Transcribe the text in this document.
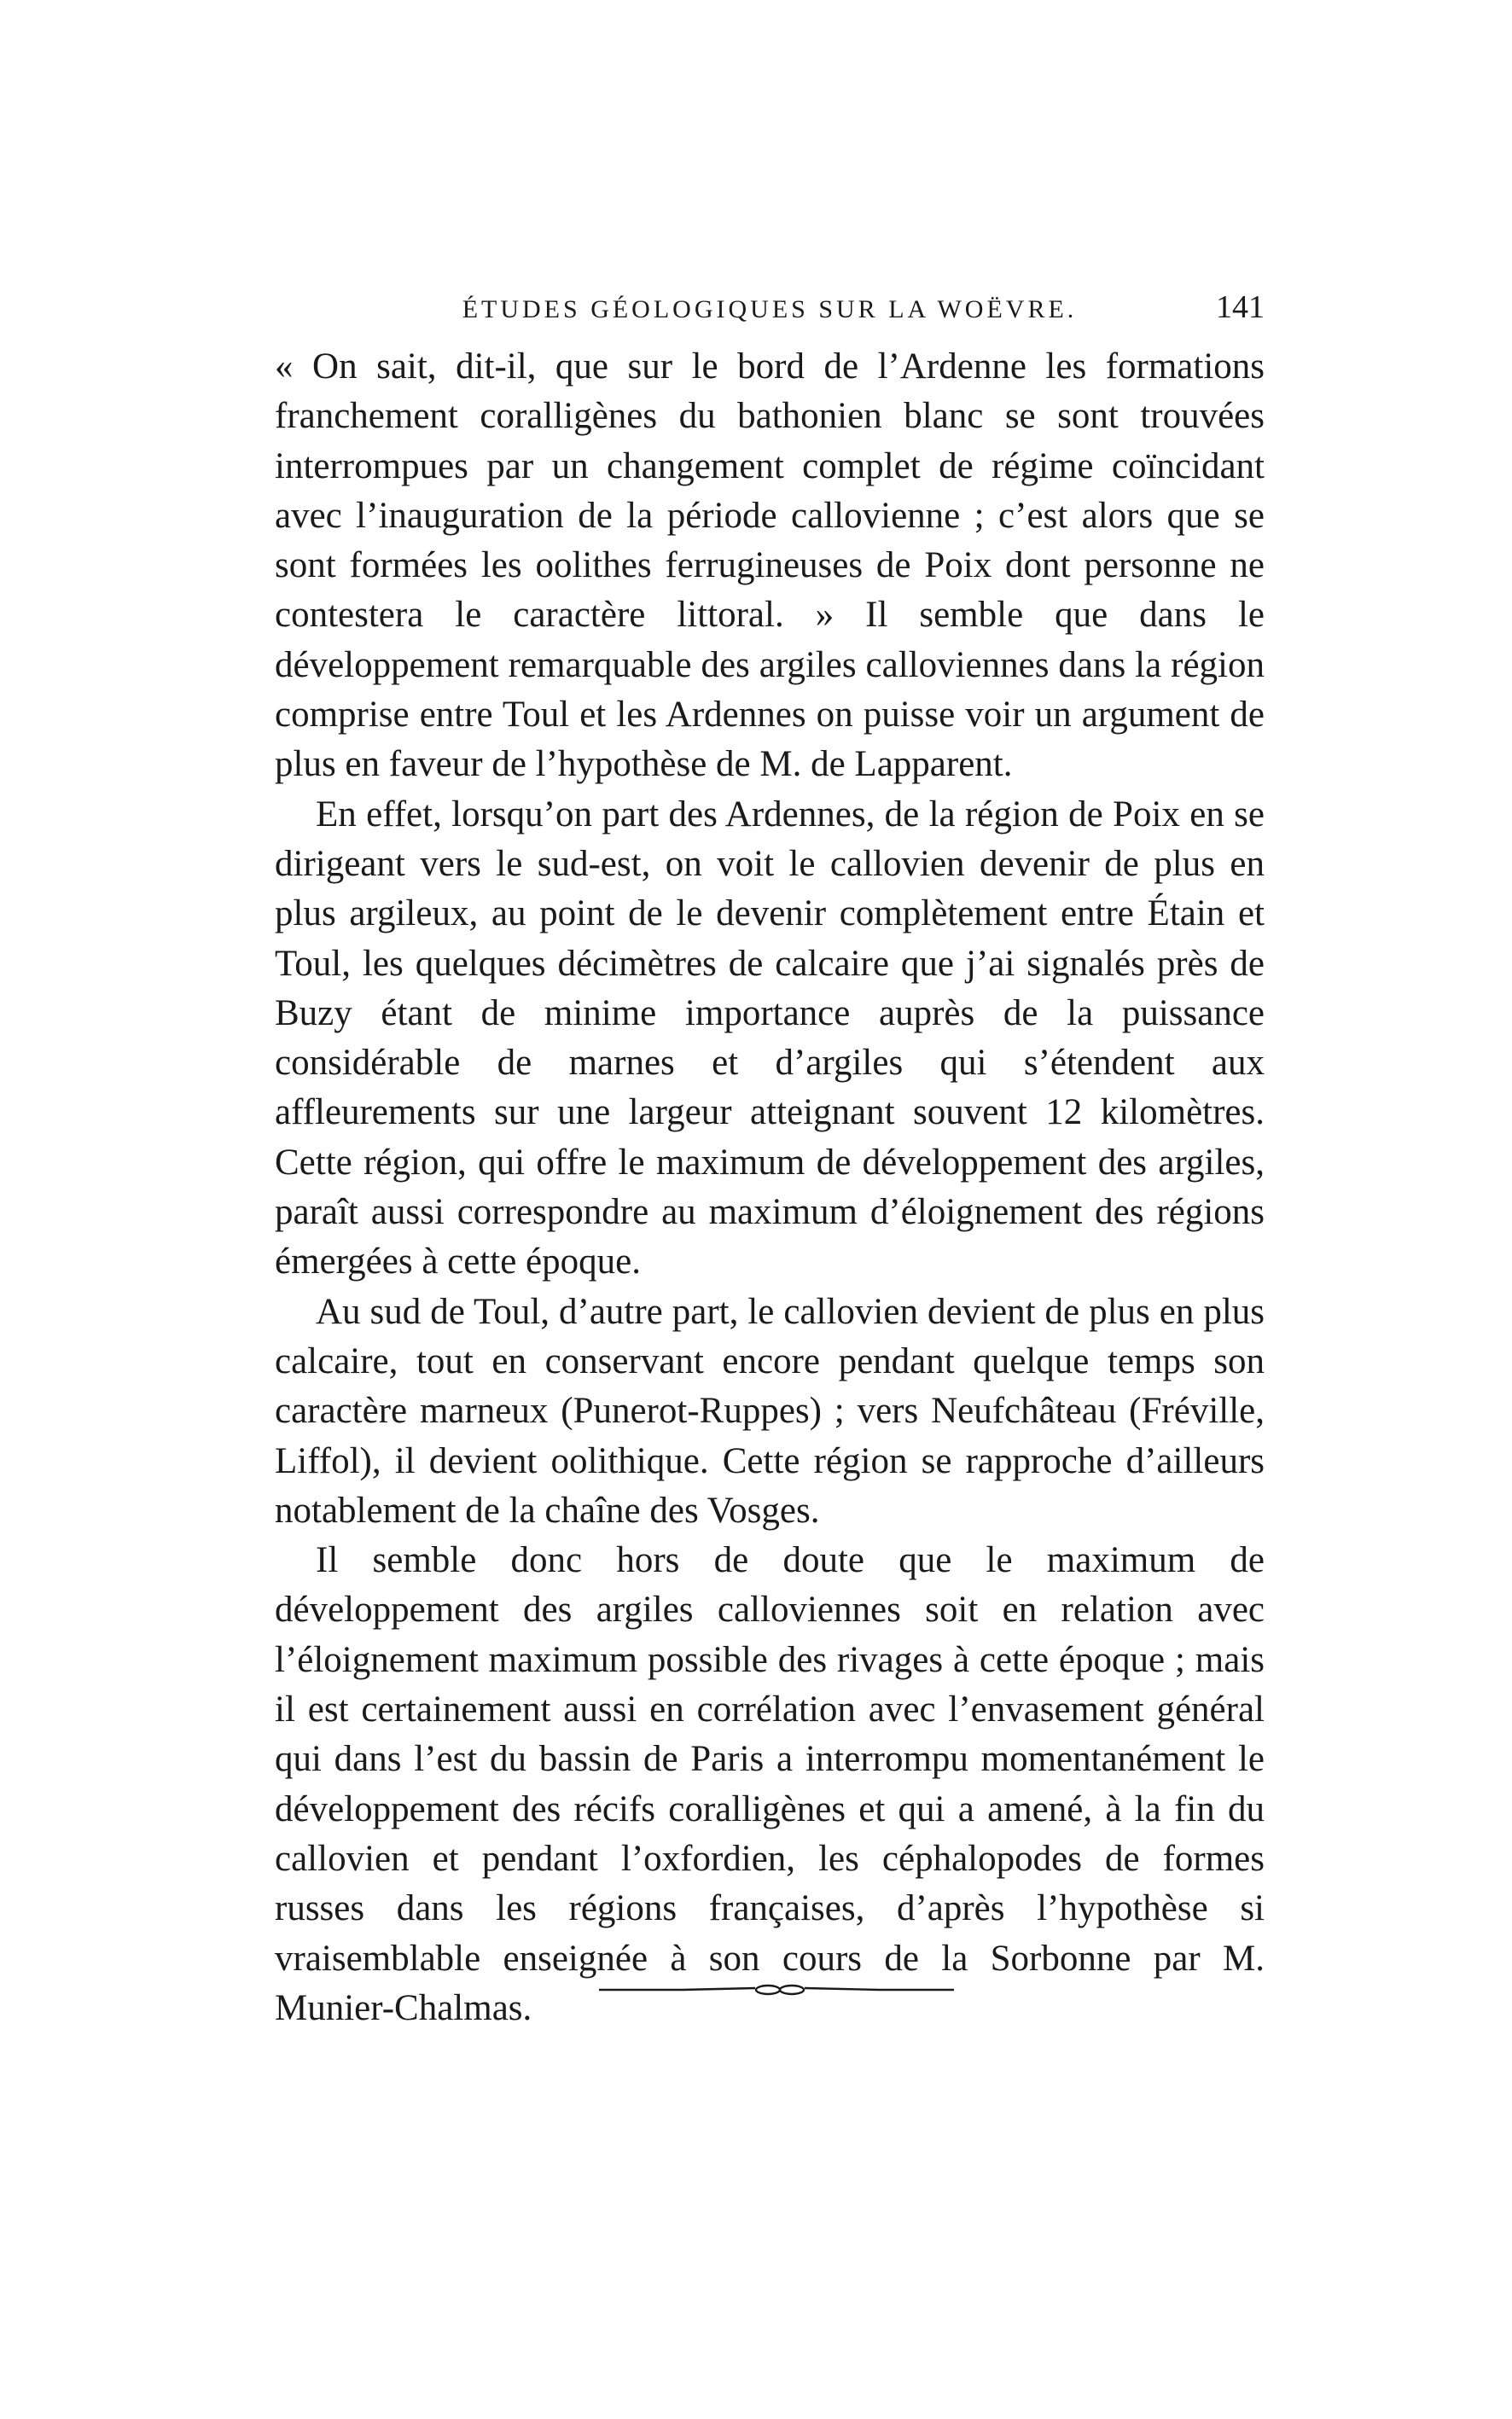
ÉTUDES GÉOLOGIQUES SUR LA WOËVRE.	141

« On sait, dit-il, que sur le bord de l’Ardenne les formations franchement coralligènes du bathonien blanc se sont trouvées interrompues par un changement complet de régime coïncidant avec l’inauguration de la période callovienne ; c’est alors que se sont formées les oolithes ferrugineuses de Poix dont personne ne contestera le caractère littoral. » Il semble que dans le développement remarquable des argiles calloviennes dans la région comprise entre Toul et les Ardennes on puisse voir un argument de plus en faveur de l’hypothèse de M. de Lapparent.

En effet, lorsqu’on part des Ardennes, de la région de Poix en se dirigeant vers le sud-est, on voit le callovien devenir de plus en plus argileux, au point de le devenir complètement entre Étain et Toul, les quelques décimètres de calcaire que j’ai signalés près de Buzy étant de minime importance auprès de la puissance considérable de marnes et d’argiles qui s’étendent aux affleurements sur une largeur atteignant souvent 12 kilomètres. Cette région, qui offre le maximum de développement des argiles, paraît aussi correspondre au maximum d’éloignement des régions émergées à cette époque.

Au sud de Toul, d’autre part, le callovien devient de plus en plus calcaire, tout en conservant encore pendant quelque temps son caractère marneux (Punerot-Ruppes) ; vers Neufchâteau (Fréville, Liffol), il devient oolithique. Cette région se rapproche d’ailleurs notablement de la chaîne des Vosges.

Il semble donc hors de doute que le maximum de développement des argiles calloviennes soit en relation avec l’éloignement maximum possible des rivages à cette époque ; mais il est certainement aussi en corrélation avec l’envasement général qui dans l’est du bassin de Paris a interrompu momentanément le développement des récifs coralligènes et qui a amené, à la fin du callovien et pendant l’oxfordien, les céphalopodes de formes russes dans les régions françaises, d’après l’hypothèse si vraisemblable enseignée à son cours de la Sorbonne par M. Munier-Chalmas.
